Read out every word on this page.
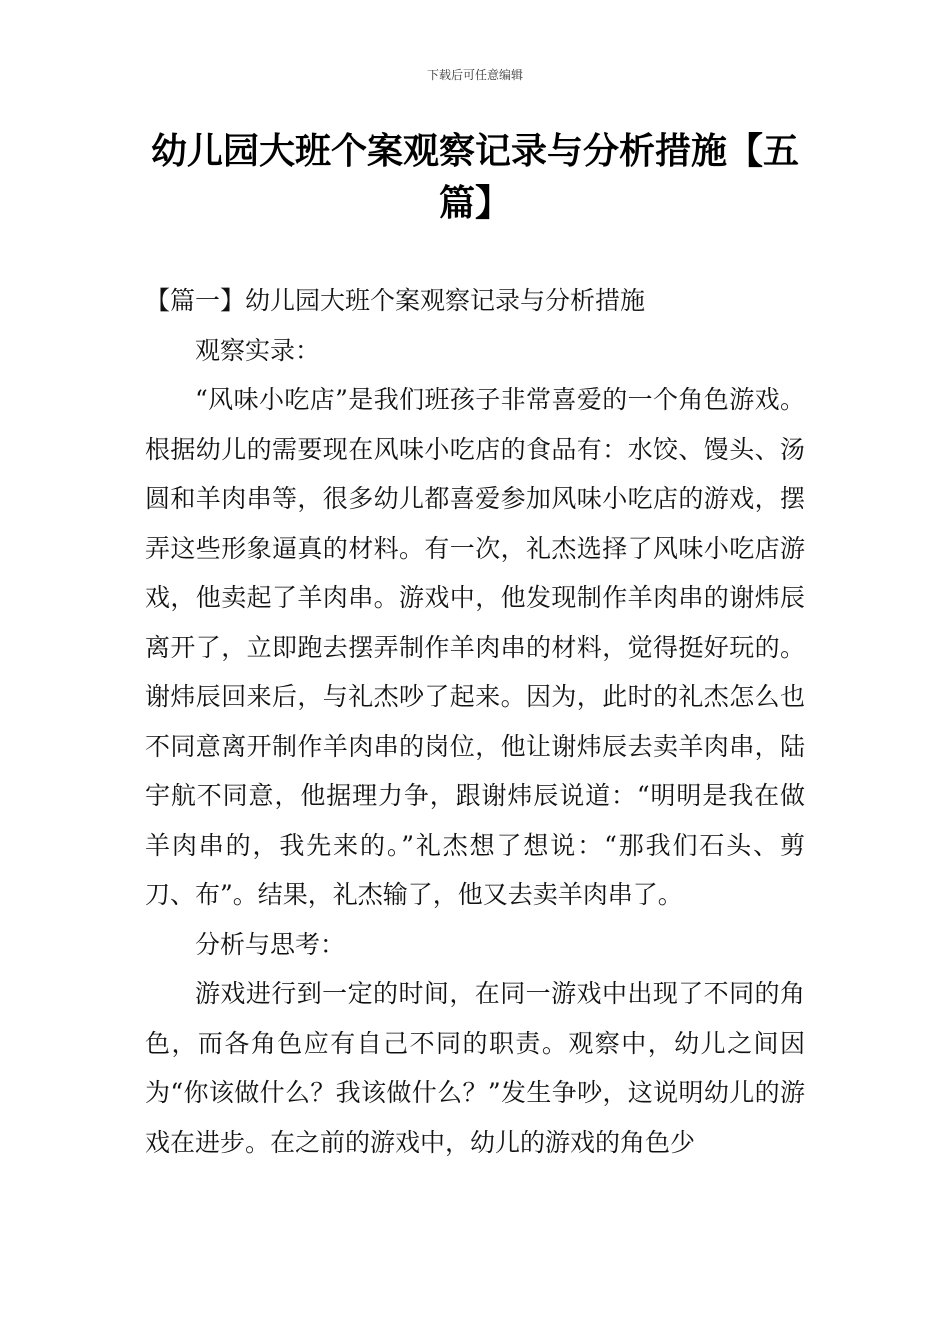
下载后可任意编辑
幼儿园大班个案观察记录与分析措施【五篇】

【篇一】幼儿园大班个案观察记录与分析措施

观察实录：

“风味小吃店”是我们班孩子非常喜爱的一个角色游戏。根据幼儿的需要现在风味小吃店的食品有：水饺、馒头、汤圆和羊肉串等，很多幼儿都喜爱参加风味小吃店的游戏，摆弄这些形象逼真的材料。有一次，礼杰选择了风味小吃店游戏，他卖起了羊肉串。游戏中，他发现制作羊肉串的谢炜辰离开了，立即跑去摆弄制作羊肉串的材料，觉得挺好玩的。谢炜辰回来后，与礼杰吵了起来。因为，此时的礼杰怎么也不同意离开制作羊肉串的岗位，他让谢炜辰去卖羊肉串，陆宇航不同意，他据理力争，跟谢炜辰说道：“明明是我在做羊肉串的，我先来的。”礼杰想了想说：“那我们石头、剪刀、布”。结果，礼杰输了，他又去卖羊肉串了。

分析与思考：

游戏进行到一定的时间，在同一游戏中出现了不同的角色，而各角色应有自己不同的职责。观察中，幼儿之间因为“你该做什么？我该做什么？”发生争吵，这说明幼儿的游戏在进步。在之前的游戏中，幼儿的游戏的角色少
